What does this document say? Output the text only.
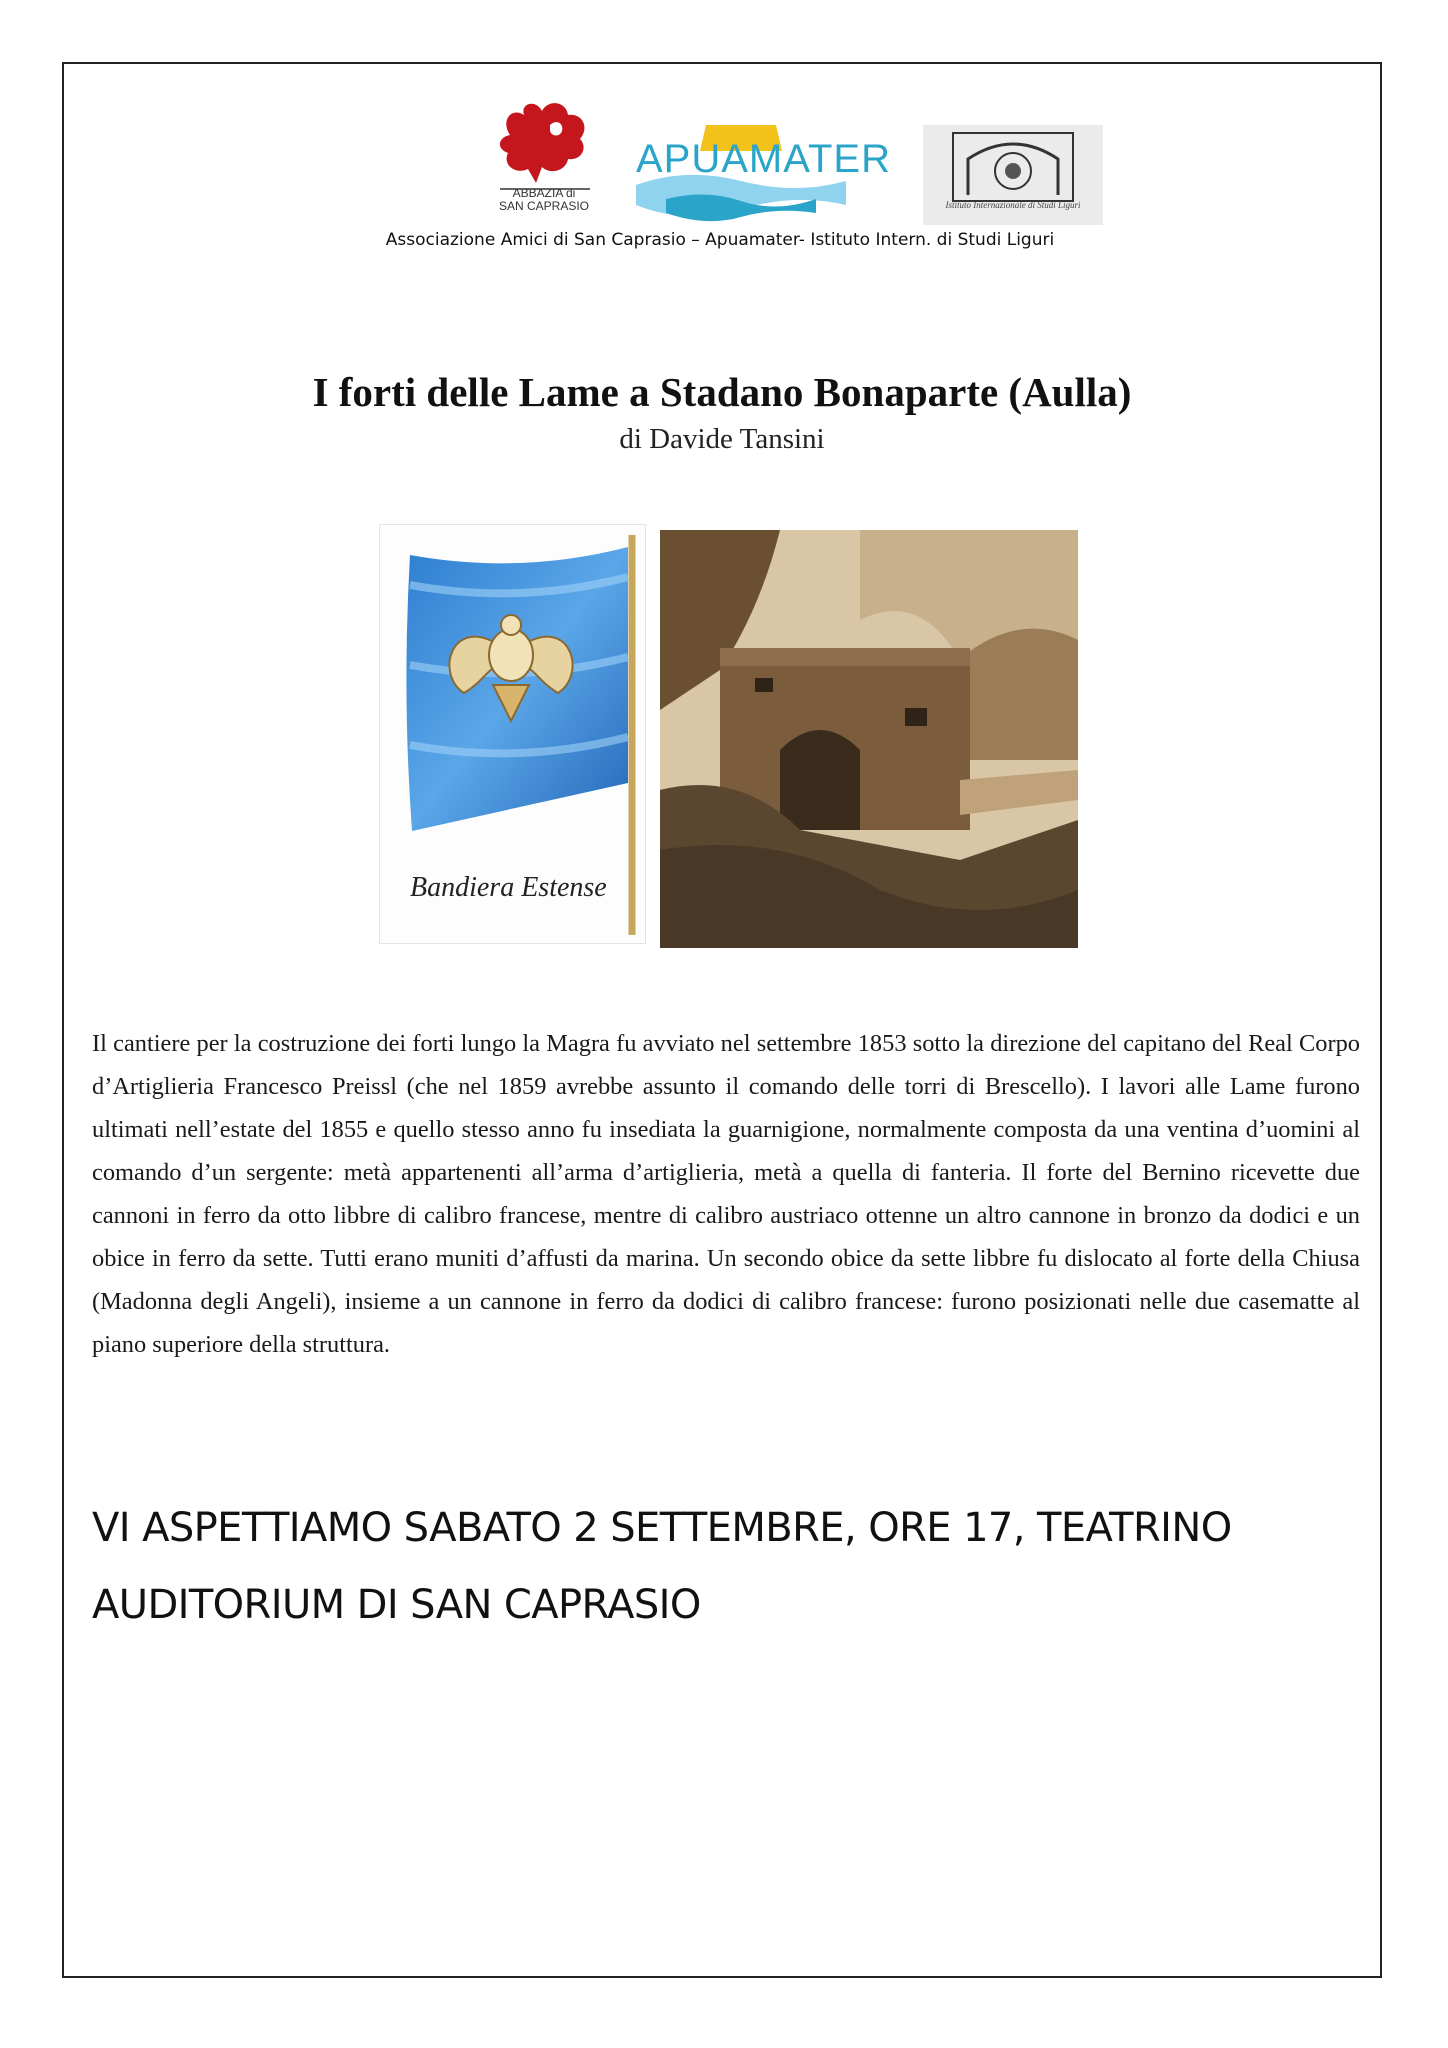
ABBAZIA di
SAN CAPRASIO
APUAMATER
Istituto Internazionale di Studi Liguri
Associazione Amici di San Caprasio – Apuamater- Istituto Intern. di Studi Liguri
I forti delle Lame a Stadano Bonaparte (Aulla)
di Davide Tansini
Bandiera Estense

Il cantiere per la costruzione dei forti lungo la Magra fu avviato nel settembre 1853 sotto la direzione del capitano del Real Corpo d’Artiglieria Francesco Preissl (che nel 1859 avrebbe assunto il comando delle torri di Brescello). I lavori alle Lame furono ultimati nell’estate del 1855 e quello stesso anno fu insediata la guarnigione, normalmente composta da una ventina d’uomini al comando d’un sergente: metà appartenenti all’arma d’artiglieria, metà a quella di fanteria. Il forte del Bernino ricevette due cannoni in ferro da otto libbre di calibro francese, mentre di calibro austriaco ottenne un altro cannone in bronzo da dodici e un obice in ferro da sette. Tutti erano muniti d’affusti da marina. Un secondo obice da sette libbre fu dislocato al forte della Chiusa (Madonna degli Angeli), insieme a un cannone in ferro da dodici di calibro francese: furono posizionati nelle due casematte al piano superiore della struttura.

VI ASPETTIAMO SABATO 2 SETTEMBRE, ORE 17, TEATRINO
AUDITORIUM DI SAN CAPRASIO
